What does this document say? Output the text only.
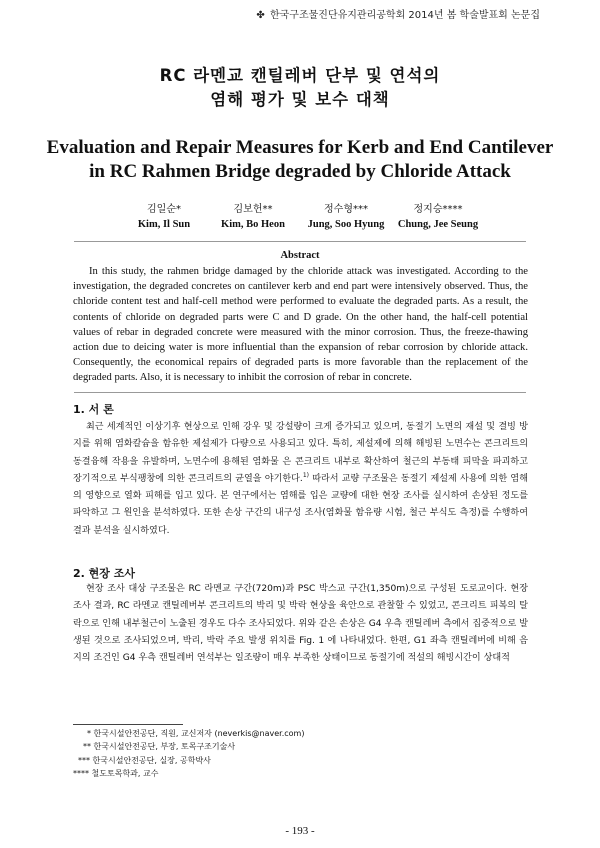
✤ 한국구조물진단유지관리공학회 2014년 봄 학술발표회 논문집
RC 라멘교 캔틸레버 단부 및 연석의
염해 평가 및 보수 대책
Evaluation and Repair Measures for Kerb and End Cantilever
in RC Rahmen Bridge degraded by Chloride Attack
김일순*
Kim, Il Sun
김보헌**
Kim, Bo Heon
정수형***
Jung, Soo Hyung
정지승****
Chung, Jee Seung
Abstract
In this study, the rahmen bridge damaged by the chloride attack was investigated. According to the investigation, the degraded concretes on cantilever kerb and end part were intensively observed. Thus, the chloride content test and half-cell method were performed to evaluate the degraded parts. As a result, the contents of chloride on degraded parts were C and D grade. On the other hand, the half-cell potential values of rebar in degraded concrete were measured with the minor corrosion. Thus, the freeze-thawing action due to deicing water is more influential than the expansion of rebar corrosion by chloride attack. Consequently, the economical repairs of degraded parts is more favorable than the replacement of the degraded parts. Also, it is necessary to inhibit the corrosion of rebar in concrete.
1. 서 론
최근 세계적인 이상기후 현상으로 인해 강우 및 강설량이 크게 증가되고 있으며, 동절기 노면의 재설 및 결빙 방지를 위해 염화칼슘을 함유한 제설제가 다량으로 사용되고 있다. 특히, 제설제에 의해 해빙된 노면수는 콘크리트의 동결융해 작용을 유발하며, 노면수에 용해된 염화물 은 콘크리트 내부로 확산하여 철근의 부동태 피막을 파괴하고 장기적으로 부식팽창에 의한 콘크리트의 균열을 야기한다.$^{1)}$ 따라서 교량 구조물은 동절기 제설제 사용에 의한 염해의 영향으로 열화 피해를 입고 있다. 본 연구에서는 염해를 입은 교량에 대한 현장 조사를 실시하여 손상된 정도를 파악하고 그 원인을 분석하였다. 또한 손상 구간의 내구성 조사(염화물 함유량 시험, 철근 부식도 측정)를 수행하여 결과 분석을 실시하였다.
2. 현장 조사
현장 조사 대상 구조물은 RC 라멘교 구간(720m)과 PSC 박스교 구간(1,350m)으로 구성된 도로교이다. 현장 조사 결과, RC 라멘교 캔틸레버부 콘크리트의 박리 및 박락 현상을 육안으로 관찰할 수 있었고, 콘크리트 피복의 탈락으로 인해 내부철근이 노출된 경우도 다수 조사되었다. 위와 같은 손상은 G4 우측 캔틸레버 측에서 집중적으로 발생된 것으로 조사되었으며, 박리, 박락 주요 발생 위치를 Fig. 1 에 나타내었다. 한편, G1 좌측 캔틸레버에 비해 음지의 조건인 G4 우측 캔틸레버 연석부는 일조량이 매우 부족한 상태이므로 동절기에 적설의 해빙시간이 상대적
* 한국시설안전공단, 직원, 교신저자 (neverkis@naver.com)
** 한국시설안전공단, 부장, 토목구조기술사
*** 한국시설안전공단, 실장, 공학박사
**** 철도토목학과, 교수
- 193 -
